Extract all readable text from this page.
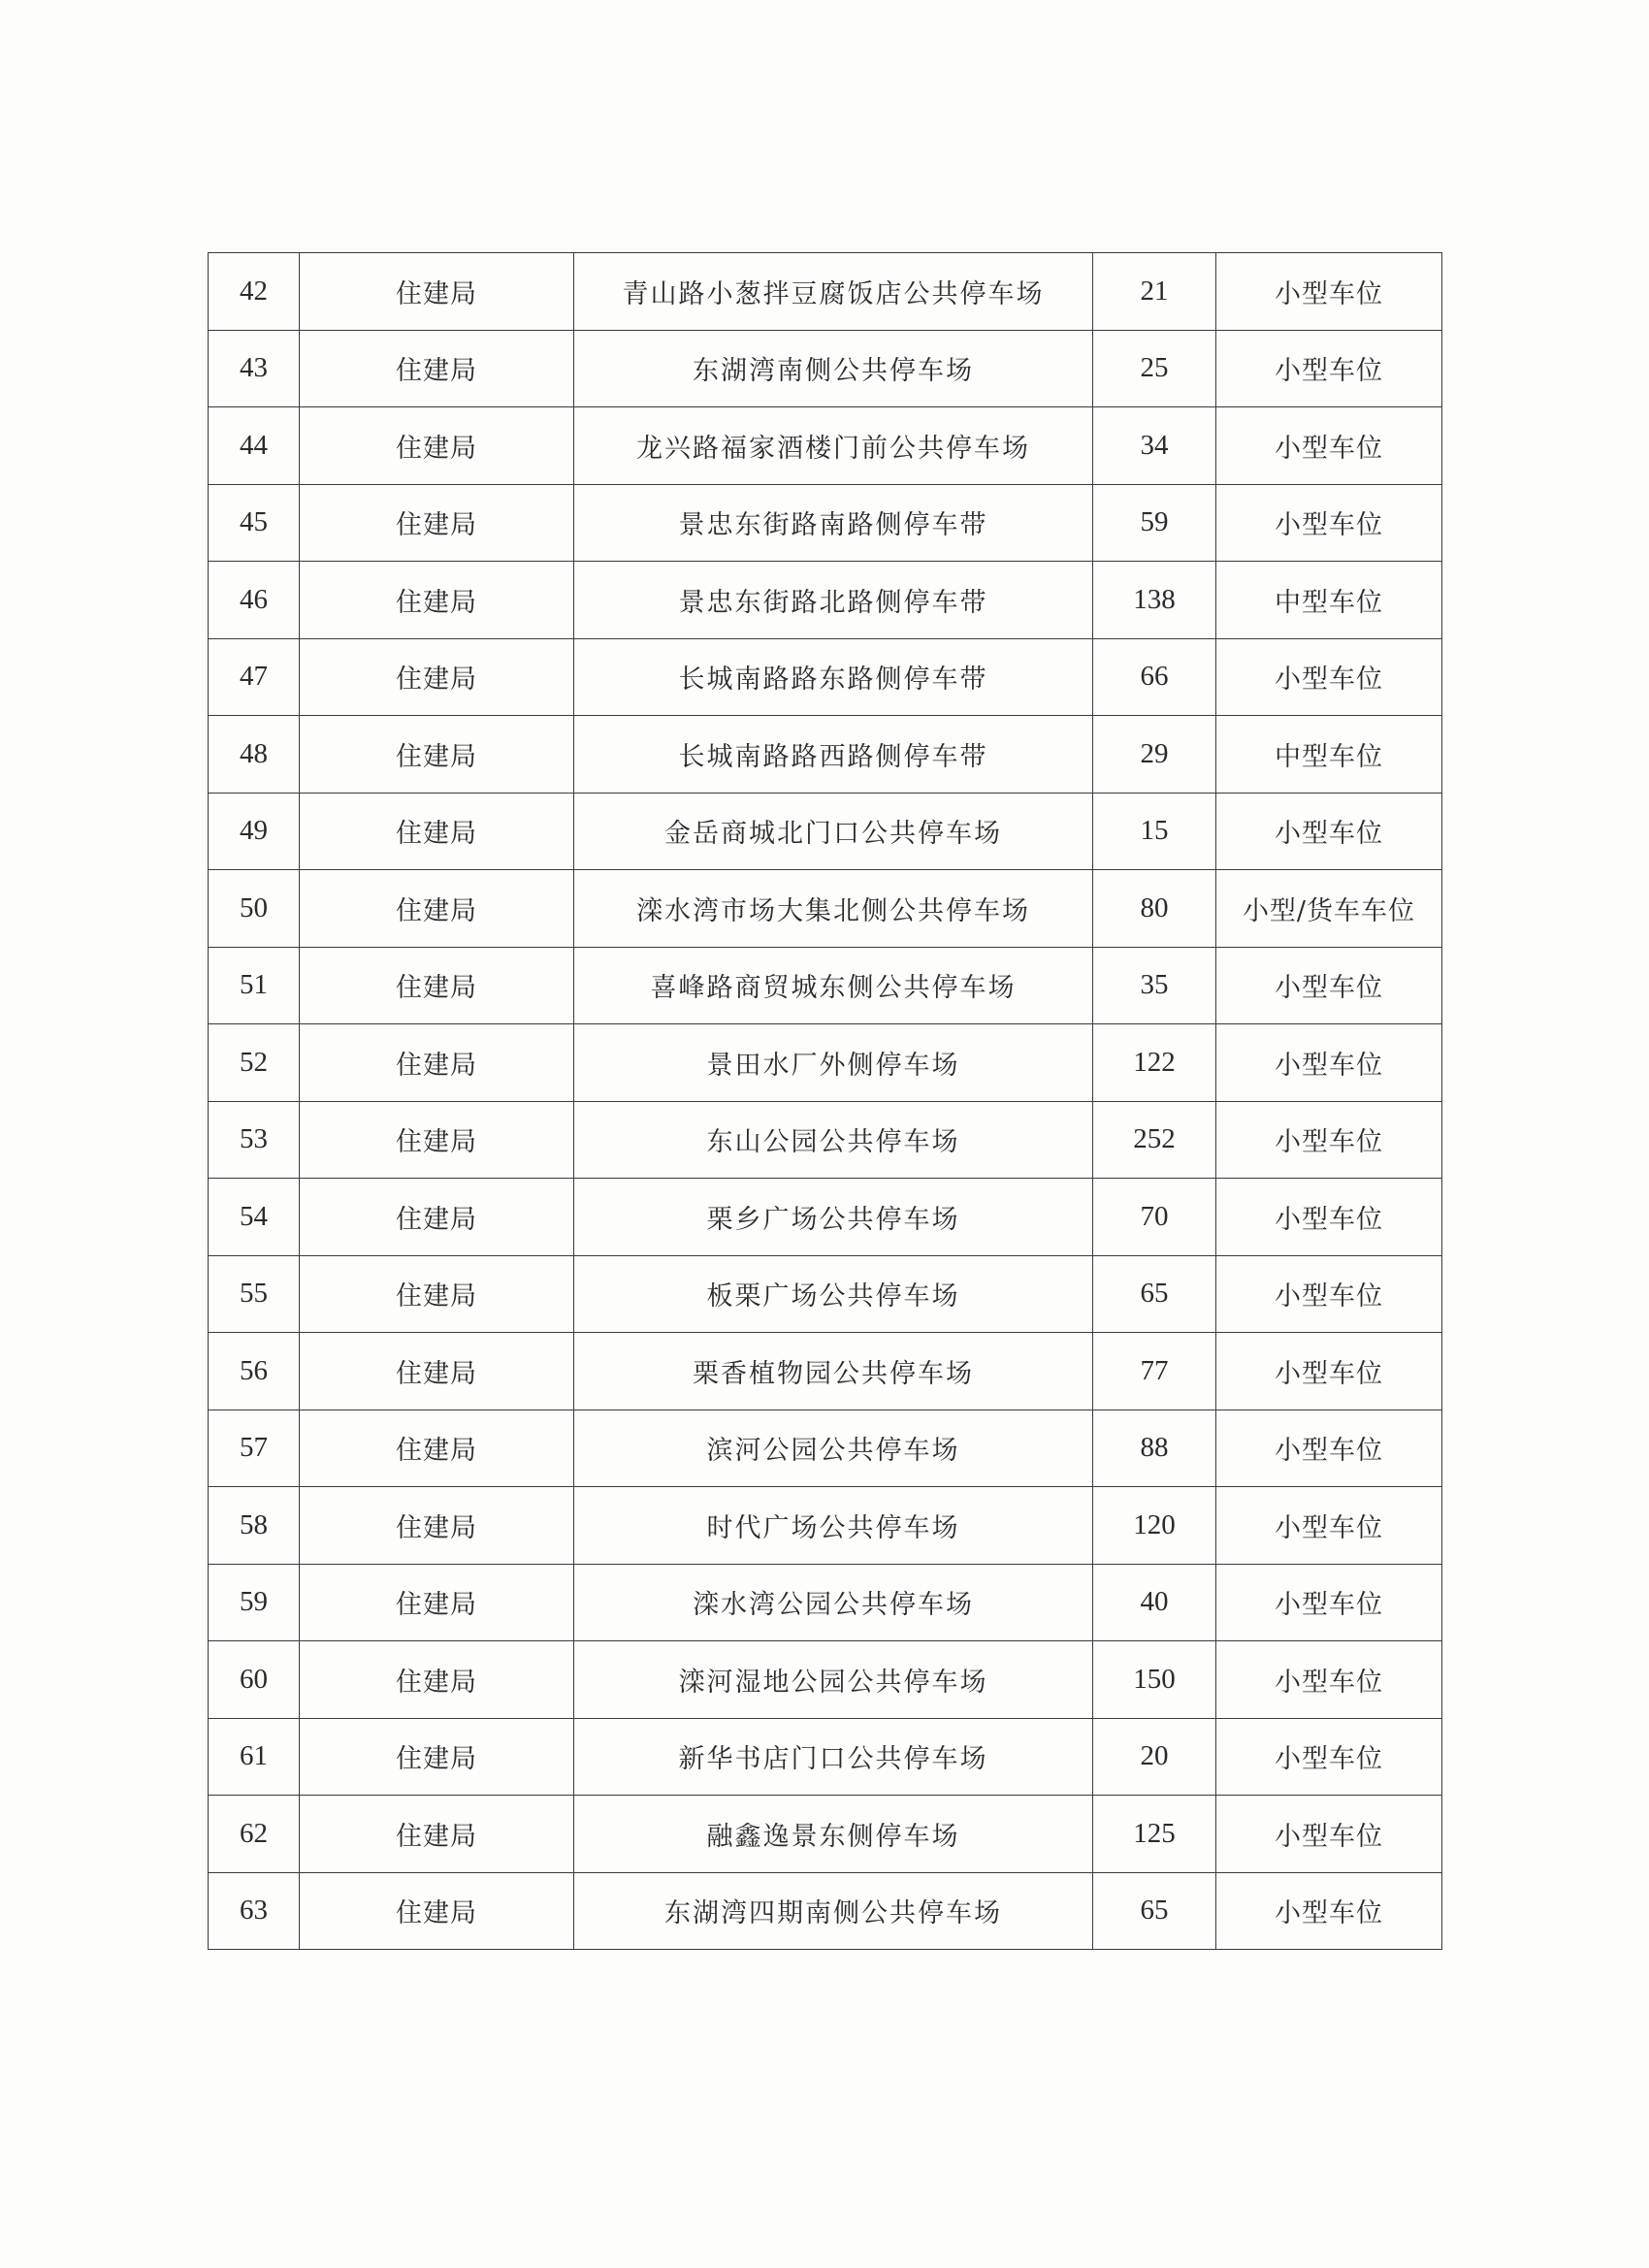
42	住建局	青山路小葱拌豆腐饭店公共停车场	21	小型车位
43	住建局	东湖湾南侧公共停车场	25	小型车位
44	住建局	龙兴路福家酒楼门前公共停车场	34	小型车位
45	住建局	景忠东街路南路侧停车带	59	小型车位
46	住建局	景忠东街路北路侧停车带	138	中型车位
47	住建局	长城南路路东路侧停车带	66	小型车位
48	住建局	长城南路路西路侧停车带	29	中型车位
49	住建局	金岳商城北门口公共停车场	15	小型车位
50	住建局	滦水湾市场大集北侧公共停车场	80	小型/货车车位
51	住建局	喜峰路商贸城东侧公共停车场	35	小型车位
52	住建局	景田水厂外侧停车场	122	小型车位
53	住建局	东山公园公共停车场	252	小型车位
54	住建局	栗乡广场公共停车场	70	小型车位
55	住建局	板栗广场公共停车场	65	小型车位
56	住建局	栗香植物园公共停车场	77	小型车位
57	住建局	滨河公园公共停车场	88	小型车位
58	住建局	时代广场公共停车场	120	小型车位
59	住建局	滦水湾公园公共停车场	40	小型车位
60	住建局	滦河湿地公园公共停车场	150	小型车位
61	住建局	新华书店门口公共停车场	20	小型车位
62	住建局	融鑫逸景东侧停车场	125	小型车位
63	住建局	东湖湾四期南侧公共停车场	65	小型车位
